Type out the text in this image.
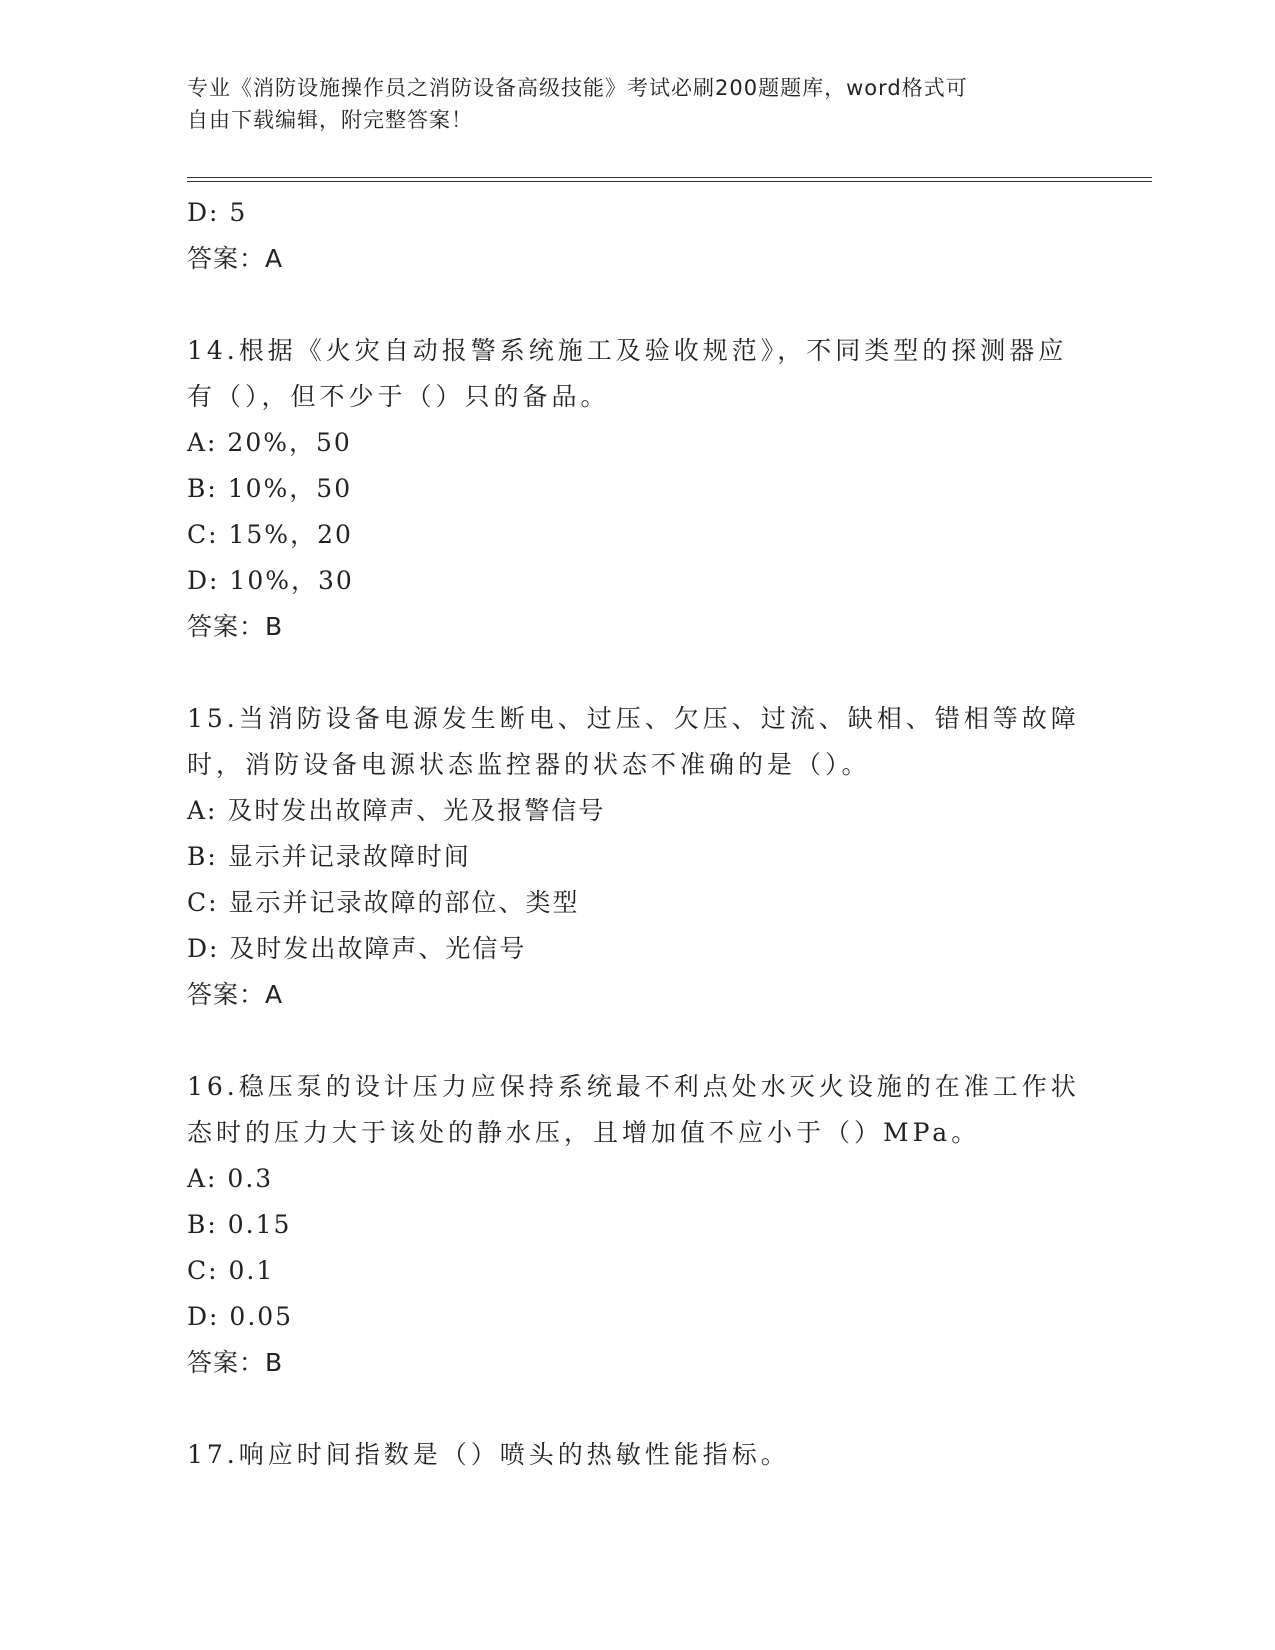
专业《消防设施操作员之消防设备高级技能》考试必刷200题题库，word格式可
自由下载编辑，附完整答案！
D: 5
答案：A
14.根据《火灾自动报警系统施工及验收规范》，不同类型的探测器应
有（），但不少于（）只的备品。
A: 20%，50
B: 10%，50
C: 15%，20
D: 10%，30
答案：B
15.当消防设备电源发生断电、过压、欠压、过流、缺相、错相等故障
时，消防设备电源状态监控器的状态不准确的是（）。
A: 及时发出故障声、光及报警信号
B: 显示并记录故障时间
C: 显示并记录故障的部位、类型
D: 及时发出故障声、光信号
答案：A
16.稳压泵的设计压力应保持系统最不利点处水灭火设施的在准工作状
态时的压力大于该处的静水压，且增加值不应小于（）MPa。
A: 0.3
B: 0.15
C: 0.1
D: 0.05
答案：B
17.响应时间指数是（）喷头的热敏性能指标。
